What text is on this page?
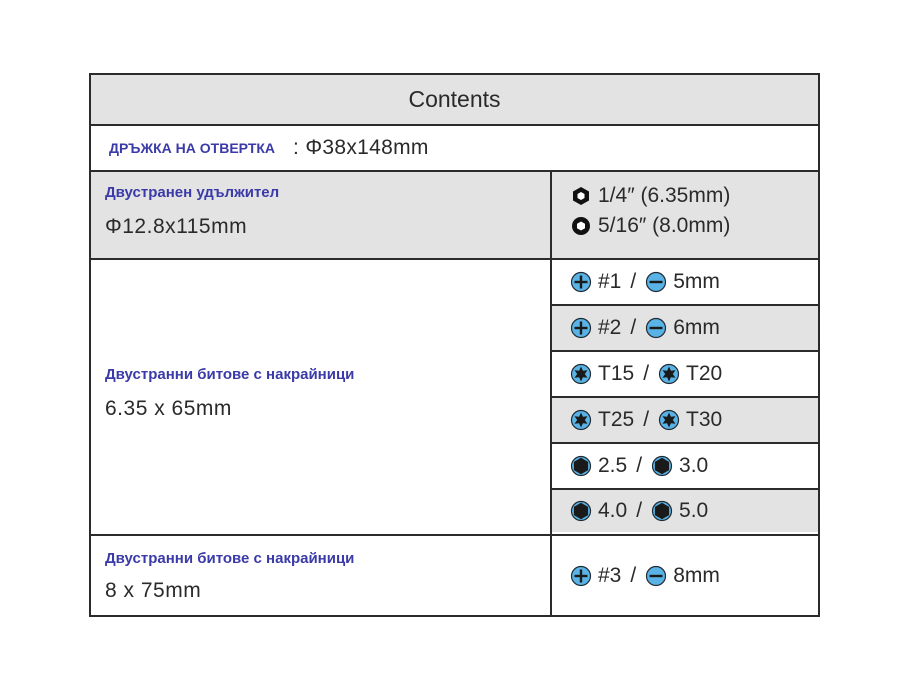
Contents
ДРЪЖКА НА ОТВЕРТКА : Φ38x148mm
Двустранен удължител
Φ12.8x115mm
1/4″ (6.35mm)
5/16″ (8.0mm)
Двустранни битове с накрайници
6.35 x 65mm
#1 / 5mm
#2 / 6mm
T15 / T20
T25 / T30
2.5 / 3.0
4.0 / 5.0
Двустранни битове с накрайници
8 x 75mm
#3 / 8mm
